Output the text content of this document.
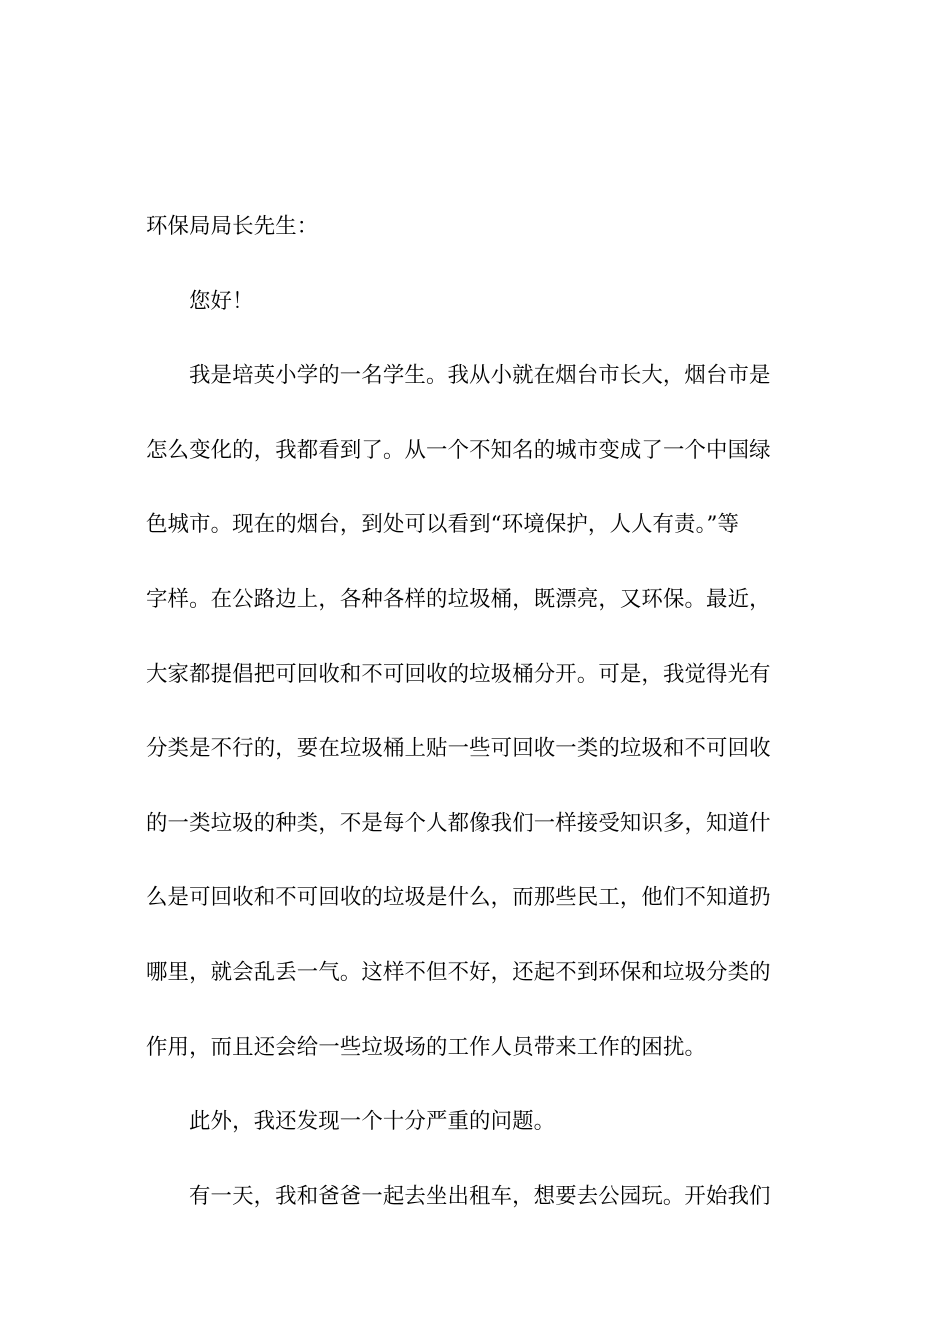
环保局局长先生：
您好！
我是培英小学的一名学生。我从小就在烟台市长大，烟台市是
怎么变化的，我都看到了。从一个不知名的城市变成了一个中国绿
色城市。现在的烟台，到处可以看到“环境保护，人人有责。”等
字样。在公路边上，各种各样的垃圾桶，既漂亮，又环保。最近，
大家都提倡把可回收和不可回收的垃圾桶分开。可是，我觉得光有
分类是不行的，要在垃圾桶上贴一些可回收一类的垃圾和不可回收
的一类垃圾的种类，不是每个人都像我们一样接受知识多，知道什
么是可回收和不可回收的垃圾是什么，而那些民工，他们不知道扔
哪里，就会乱丢一气。这样不但不好，还起不到环保和垃圾分类的
作用，而且还会给一些垃圾场的工作人员带来工作的困扰。
此外，我还发现一个十分严重的问题。
有一天，我和爸爸一起去坐出租车，想要去公园玩。开始我们
